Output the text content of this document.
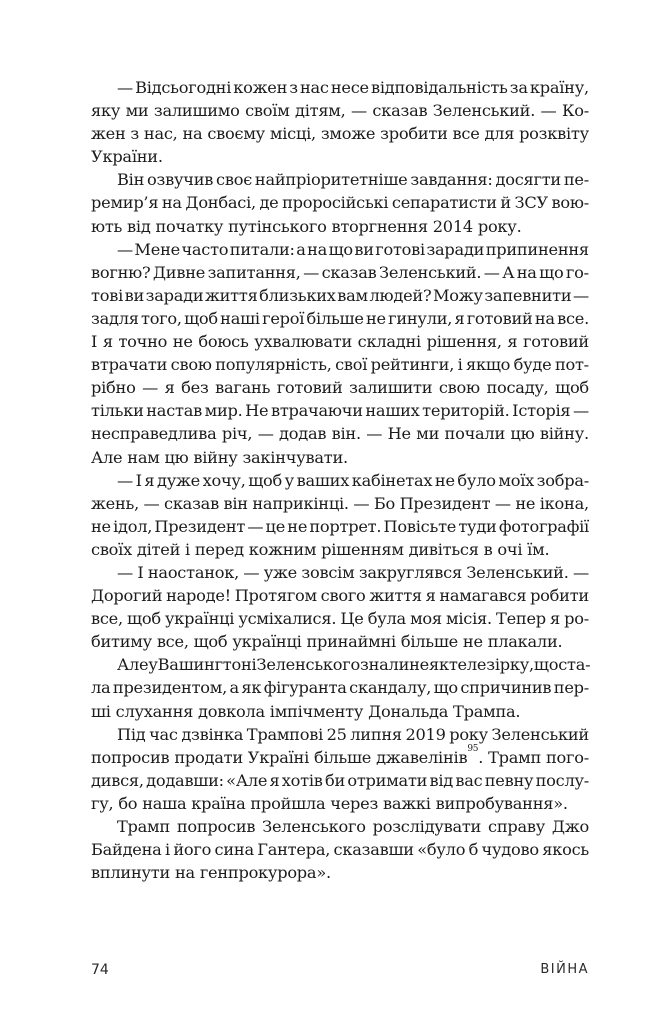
— Відсьогодні кожен з нас несе відповідальність за країну,
яку ми залишимо своїм дітям, — сказав Зеленський. — Ко-
жен з нас, на своєму місці, зможе зробити все для розквіту
України.
Він озвучив своє найпріоритетніше завдання: досягти пе-
ремир’я на Донбасі, де проросійські сепаратисти й ЗСУ вою-
ють
від
початку
путінського
вторгнення
2014
року.
— Мене часто питали: а на що ви готові заради припинення
вогню? Дивне запитання, — сказав Зеленський. — А на що го-
тові ви заради життя близьких вам людей? Можу запевнити —
задля того, щоб наші герої більше не гинули, я готовий на все.
І я точно не боюсь ухвалювати складні рішення, я готовий
втрачати свою популярність, свої рейтинги, і якщо буде пот-
рібно — я без вагань готовий залишити свою посаду, щоб
тільки настав мир. Не втрачаючи наших територій. Історія —
несправедлива річ, — додав він. — Не ми почали цю війну.
Але
нам
цю
війну
закінчувати.
— І я дуже хочу, щоб у ваших кабінетах не було моїх зобра-
жень, — сказав він наприкінці. — Бо Президент — не ікона,
не ідол, Президент — це не портрет. Повісьте туди фотографії
своїх
дітей
і
перед
кожним
рішенням
дивіться
в
очі
їм.
— І наостанок, — уже зовсім закруглявся Зеленський. —
Дорогий народе! Протягом свого життя я намагався робити
все, щоб українці усміхалися. Це була моя місія. Тепер я ро-
битиму
все,
щоб
українці
принаймні
більше
не
плакали.
Але у Вашингтоні Зеленського знали не як телезірку, що ста-
ла президентом, а як фігуранта скандалу, що спричинив пер-
ші
слухання
довкола
імпічменту
Дональда
Трампа.
Під час дзвінка Трампові 25 липня 2019 року Зеленський
попросив продати Україні більше джавелінів$^{95}$. Трамп пого-
дився, додавши: «Але я хотів би отримати від вас певну послу-
гу,
бо
наша
країна
пройшла
через
важкі
випробування».
Трамп попросив Зеленського розслідувати справу Джо
Байдена і його сина Гантера, сказавши «було б чудово якось
вплинути
на
генпрокурора».
74	ВІЙНА
